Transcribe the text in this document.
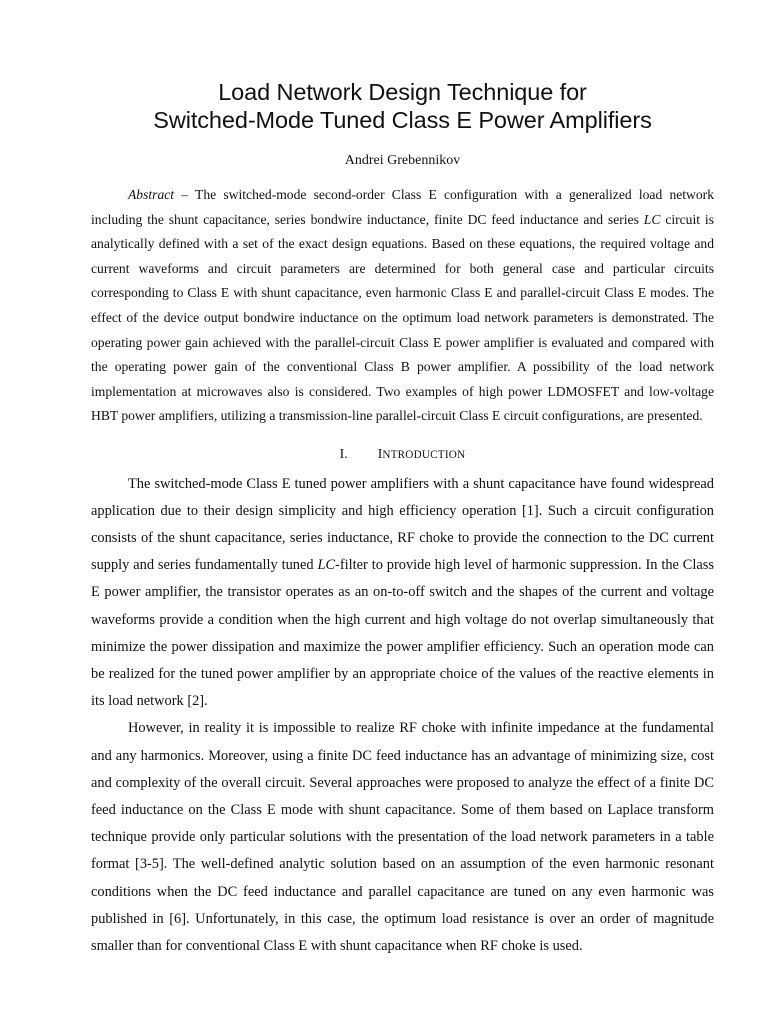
Load Network Design Technique for
Switched-Mode Tuned Class E Power Amplifiers
Andrei Grebennikov

Abstract – The switched-mode second-order Class E configuration with a generalized load network including the shunt capacitance, series bondwire inductance, finite DC feed inductance and series LC circuit is analytically defined with a set of the exact design equations. Based on these equations, the required voltage and current waveforms and circuit parameters are determined for both general case and particular circuits corresponding to Class E with shunt capacitance, even harmonic Class E and parallel-circuit Class E modes. The effect of the device output bondwire inductance on the optimum load network parameters is demonstrated. The operating power gain achieved with the parallel-circuit Class E power amplifier is evaluated and compared with the operating power gain of the conventional Class B power amplifier. A possibility of the load network implementation at microwaves also is considered. Two examples of high power LDMOSFET and low-voltage HBT power amplifiers, utilizing a transmission-line parallel-circuit Class E circuit configurations, are presented.

I. INTRODUCTION

The switched-mode Class E tuned power amplifiers with a shunt capacitance have found widespread application due to their design simplicity and high efficiency operation [1]. Such a circuit configuration consists of the shunt capacitance, series inductance, RF choke to provide the connection to the DC current supply and series fundamentally tuned LC-filter to provide high level of harmonic suppression. In the Class E power amplifier, the transistor operates as an on-to-off switch and the shapes of the current and voltage waveforms provide a condition when the high current and high voltage do not overlap simultaneously that minimize the power dissipation and maximize the power amplifier efficiency. Such an operation mode can be realized for the tuned power amplifier by an appropriate choice of the values of the reactive elements in its load network [2].

However, in reality it is impossible to realize RF choke with infinite impedance at the fundamental and any harmonics. Moreover, using a finite DC feed inductance has an advantage of minimizing size, cost and complexity of the overall circuit. Several approaches were proposed to analyze the effect of a finite DC feed inductance on the Class E mode with shunt capacitance. Some of them based on Laplace transform technique provide only particular solutions with the presentation of the load network parameters in a table format [3-5]. The well-defined analytic solution based on an assumption of the even harmonic resonant conditions when the DC feed inductance and parallel capacitance are tuned on any even harmonic was published in [6]. Unfortunately, in this case, the optimum load resistance is over an order of magnitude smaller than for conventional Class E with shunt capacitance when RF choke is used.
